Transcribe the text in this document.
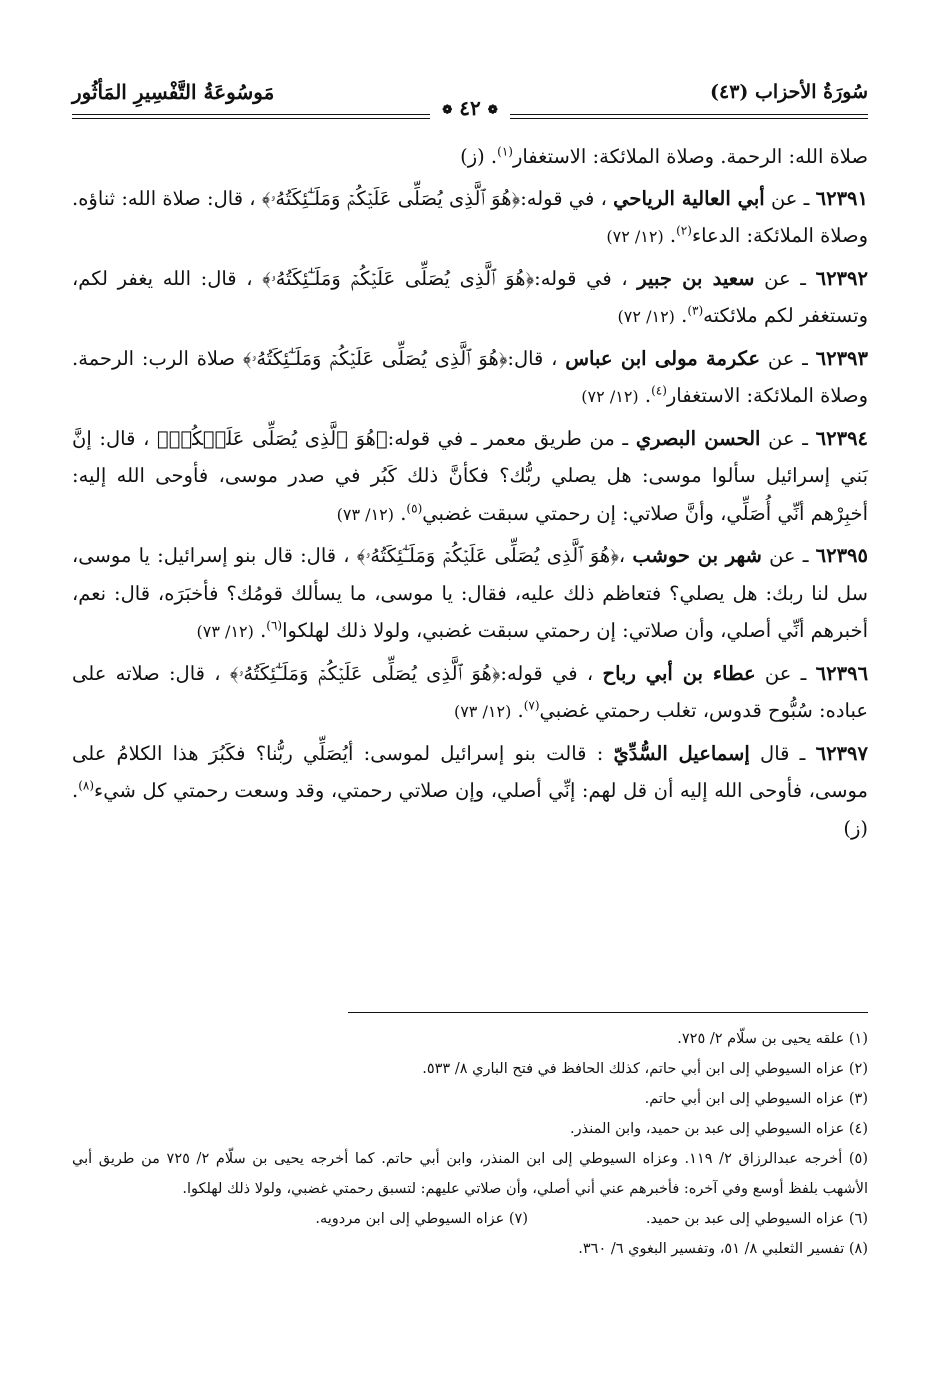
سُورَةُ الأحزاب (٤٣)
مَوسُوعَةُ التَّفْسِيرِ المَأثُور
❁ ٤٢ ❁

صلاة الله: الرحمة. وصلاة الملائكة: الاستغفار$^{(١)}$. (ز)

٦٢٣٩١ ـ عن أبي العالية الرياحي ، في قوله:﴿هُوَ ٱلَّذِى يُصَلِّى عَلَيۡكُمۡ وَمَلَـٰٓئِكَتُهُۥ﴾ ، قال: صلاة الله: ثناؤه. وصلاة الملائكة: الدعاء$^{(٢)}$. (١٢/ ٧٢)

٦٢٣٩٢ ـ عن سعيد بن جبير ، في قوله:﴿هُوَ ٱلَّذِى يُصَلِّى عَلَيۡكُمۡ وَمَلَـٰٓئِكَتُهُۥ﴾ ، قال: الله يغفر لكم، وتستغفر لكم ملائكته$^{(٣)}$. (١٢/ ٧٢)

٦٢٣٩٣ ـ عن عكرمة مولى ابن عباس ، قال:﴿هُوَ ٱلَّذِى يُصَلِّى عَلَيۡكُمۡ وَمَلَـٰٓئِكَتُهُۥ﴾ صلاة الرب: الرحمة. وصلاة الملائكة: الاستغفار$^{(٤)}$. (١٢/ ٧٢)

٦٢٣٩٤ ـ عن الحسن البصري ـ من طريق معمر ـ في قوله:﴿هُوَ ٱلَّذِى يُصَلِّى عَلَيۡكُمۡ﴾ ، قال: إنَّ بَني إسرائيل سألوا موسى: هل يصلي ربُّك؟ فكأنَّ ذلك كَبُر في صدر موسى، فأوحى الله إليه: أخبِرْهم أنِّي أُصَلِّي، وأنَّ صلاتي: إن رحمتي سبقت غضبي$^{(٥)}$. (١٢/ ٧٣)

٦٢٣٩٥ ـ عن شهر بن حوشب ،﴿هُوَ ٱلَّذِى يُصَلِّى عَلَيۡكُمۡ وَمَلَـٰٓئِكَتُهُۥ﴾ ، قال: قال بنو إسرائيل: يا موسى، سل لنا ربك: هل يصلي؟ فتعاظم ذلك عليه، فقال: يا موسى، ما يسألك قومُك؟ فأخبَرَه، قال: نعم، أخبرهم أنِّي أصلي، وأن صلاتي: إن رحمتي سبقت غضبي، ولولا ذلك لهلكوا$^{(٦)}$. (١٢/ ٧٣)

٦٢٣٩٦ ـ عن عطاء بن أبي رباح ، في قوله:﴿هُوَ ٱلَّذِى يُصَلِّى عَلَيۡكُمۡ وَمَلَـٰٓئِكَتُهُۥ﴾ ، قال: صلاته على عباده: سُبُّوح قدوس، تغلب رحمتي غضبي$^{(٧)}$. (١٢/ ٧٣)

٦٢٣٩٧ ـ قال إسماعيل السُّدِّيّ : قالت بنو إسرائيل لموسى: أيُصَلِّي ربُّنا؟ فكَبُرَ هذا الكلامُ على موسى، فأوحى الله إليه أن قل لهم: إنِّي أصلي، وإن صلاتي رحمتي، وقد وسعت رحمتي كل شيء$^{(٨)}$. (ز)

(١) علقه يحيى بن سلّام ٢/ ٧٢٥.

(٢) عزاه السيوطي إلى ابن أبي حاتم، كذلك الحافظ في فتح الباري ٨/ ٥٣٣.

(٣) عزاه السيوطي إلى ابن أبي حاتم.

(٤) عزاه السيوطي إلى عبد بن حميد، وابن المنذر.

(٥) أخرجه عبدالرزاق ٢/ ١١٩. وعزاه السيوطي إلى ابن المنذر، وابن أبي حاتم. كما أخرجه يحيى بن سلّام ٢/ ٧٢٥ من طريق أبي الأشهب بلفظ أوسع وفي آخره: فأخبرهم عني أني أصلي، وأن صلاتي عليهم: لتسبق رحمتي غضبي، ولولا ذلك لهلكوا.

(٦) عزاه السيوطي إلى عبد بن حميد.

(٧) عزاه السيوطي إلى ابن مردويه.

(٨) تفسير الثعلبي ٨/ ٥١، وتفسير البغوي ٦/ ٣٦٠.
